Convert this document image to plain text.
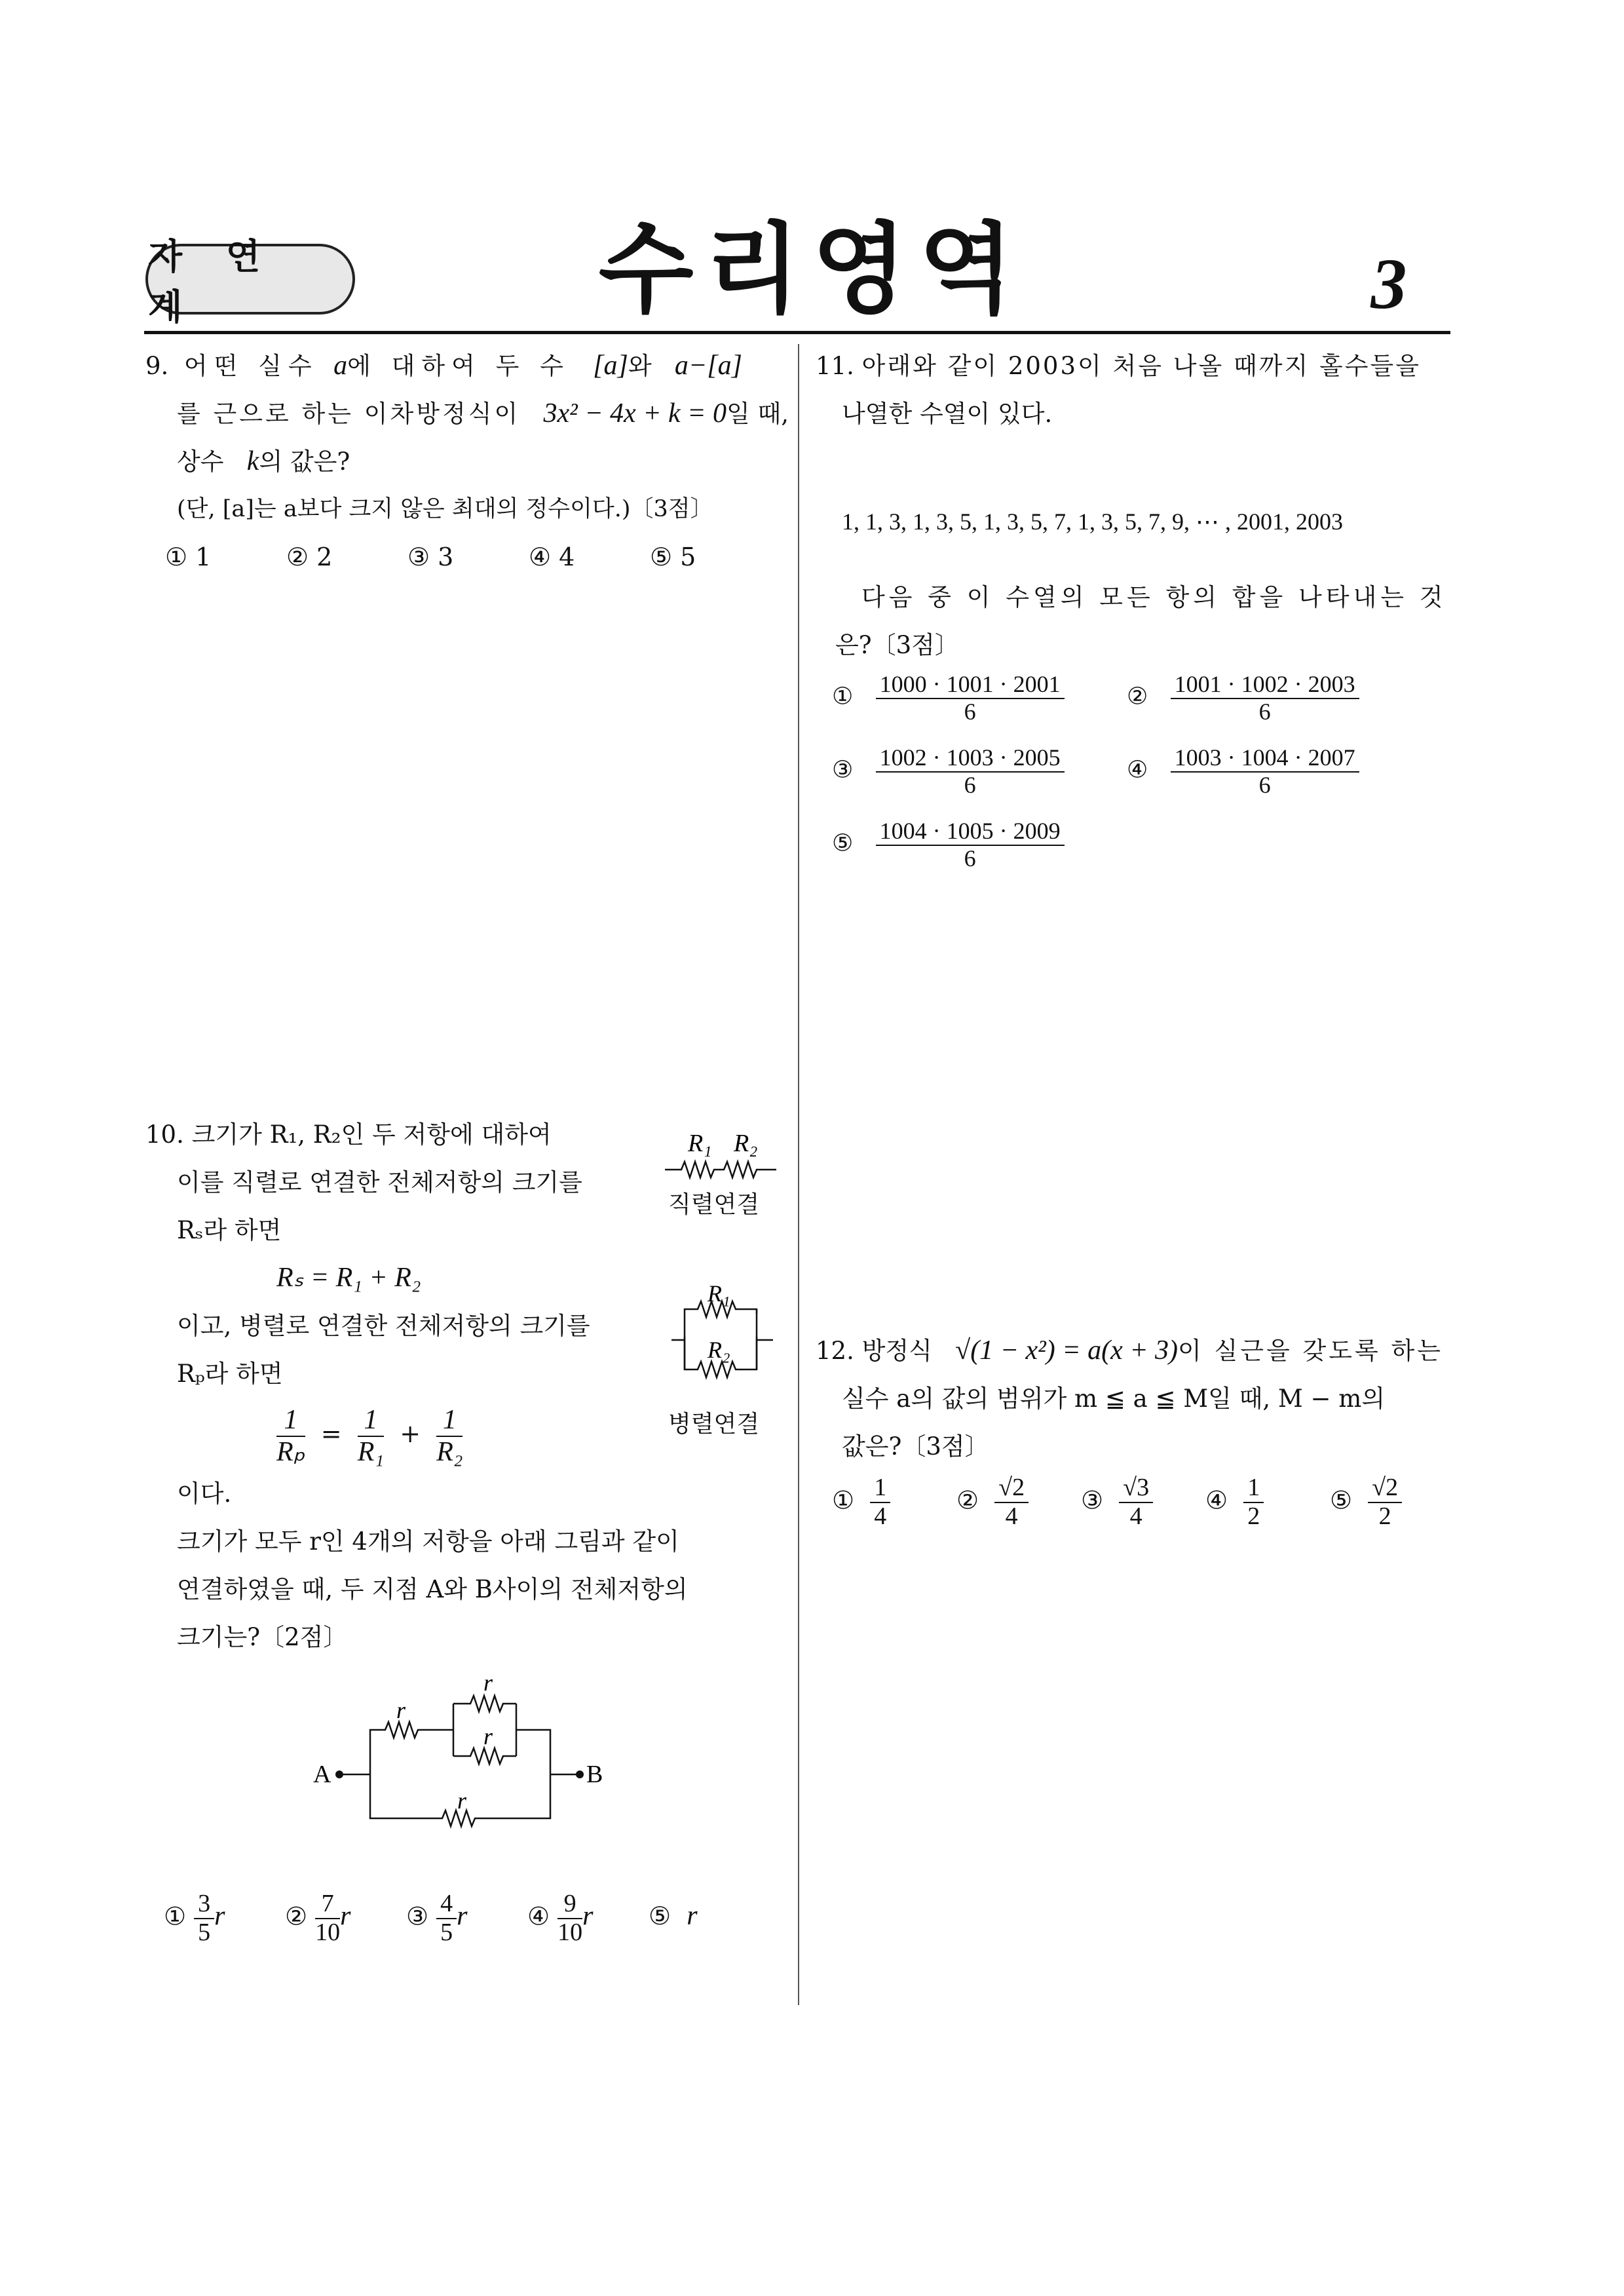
자 연 계	수리영역	3
9. 어떤 실수 a에 대하여 두 수 [a]와 a−[a]
를 근으로 하는 이차방정식이 3x² − 4x + k = 0일 때,
상수 k의 값은?
(단, [a]는 a보다 크지 않은 최대의 정수이다.)〔3점〕
① 1	② 2	③ 3	④ 4	⑤ 5
10. 크기가 R₁, R₂인 두 저항에 대하여
이를 직렬로 연결한 전체저항의 크기를
Rₛ라 하면
Rₛ = R₁ + R₂
이고, 병렬로 연결한 전체저항의 크기를
Rₚ라 하면
$\frac{1}{\text{Rₚ}} = \frac{1}{\text{R₁}} + \frac{1}{\text{R₂}}$
이다.
크기가 모두 r인 4개의 저항을 아래 그림과 같이
연결하였을 때, 두 지점 A와 B사이의 전체저항의
크기는?〔2점〕
R₁ R₂
직렬연결
R₁
R₂
병렬연결
A
r
r
r
r
B
① $\frac{3}{5}$ r ② $\frac{7}{10}$ r ③ $\frac{4}{5}$ r ④ $\frac{9}{10}$ r ⑤ r
11. 아래와 같이 2003이 처음 나올 때까지 홀수들을
나열한 수열이 있다.
1, 1, 3, 1, 3, 5, 1, 3, 5, 7, 1, 3, 5, 7, 9, ⋯ , 2001, 2003
다음 중 이 수열의 모든 항의 합을 나타내는 것
은?〔3점〕
① $\frac{1000 \cdot 1001 \cdot 2001}{6}$	② $\frac{1001 \cdot 1002 \cdot 2003}{6}$
③ $\frac{1002 \cdot 1003 \cdot 2005}{6}$	④ $\frac{1003 \cdot 1004 \cdot 2007}{6}$
⑤ $\frac{1004 \cdot 1005 \cdot 2009}{6}$
12. 방정식 √(1 − x²) = a(x + 3)이 실근을 갖도록 하는
실수 a의 값의 범위가 m ≦ a ≦ M일 때, M − m의
값은?〔3점〕
① $\frac{1}{4}$	② $\frac{√2}{4}$ ③ $\frac{√3}{4}$ ④ $\frac{1}{2}$	⑤ $\frac{√2}{2}$
